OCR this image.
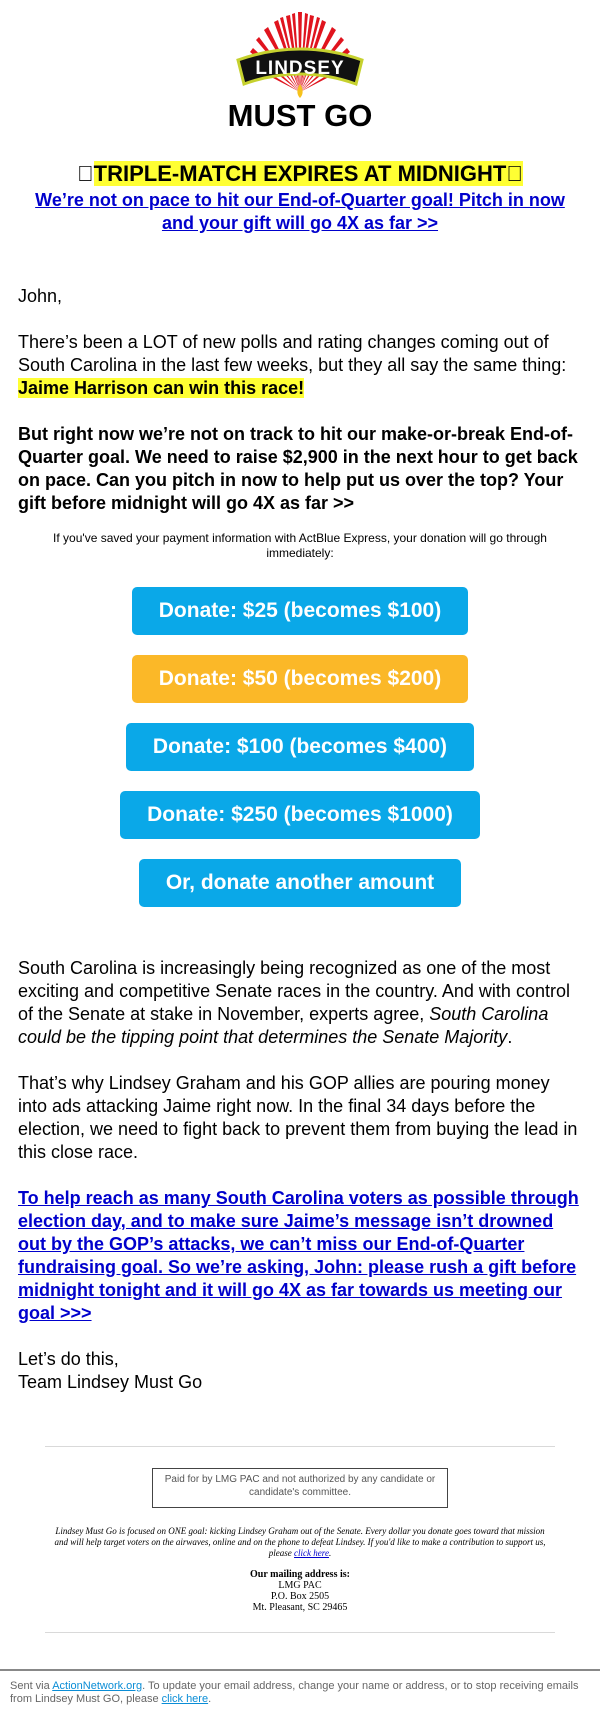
LINDSEY
MUST GO
⃞TRIPLE-MATCH EXPIRES AT MIDNIGHT
We’re not on pace to hit our End-of-Quarter goal! Pitch in now and your gift will go 4X as far >>
John,
There’s been a LOT of new polls and rating changes coming out of South Carolina in the last few weeks, but they all say the same thing: Jaime Harrison can win this race!
But right now we’re not on track to hit our make-or-break End-of-Quarter goal. We need to raise $2,900 in the next hour to get back on pace. Can you pitch in now to help put us over the top? Your gift before midnight will go 4X as far >>
If you've saved your payment information with ActBlue Express, your donation will go through immediately:
Donate: $25 (becomes $100)
Donate: $50 (becomes $200)
Donate: $100 (becomes $400)
Donate: $250 (becomes $1000)
Or, donate another amount
South Carolina is increasingly being recognized as one of the most exciting and competitive Senate races in the country. And with control of the Senate at stake in November, experts agree, South Carolina could be the tipping point that determines the Senate Majority.
That’s why Lindsey Graham and his GOP allies are pouring money into ads attacking Jaime right now. In the final 34 days before the election, we need to fight back to prevent them from buying the lead in this close race.
To help reach as many South Carolina voters as possible through election day, and to make sure Jaime’s message isn’t drowned out by the GOP’s attacks, we can’t miss our End-of-Quarter fundraising goal. So we’re asking, John: please rush a gift before midnight tonight and it will go 4X as far towards us meeting our goal >>>
Let’s do this,
Team Lindsey Must Go
Paid for by LMG PAC and not authorized by any candidate or candidate's committee.
Lindsey Must Go is focused on ONE goal: kicking Lindsey Graham out of the Senate. Every dollar you donate goes toward that mission and will help target voters on the airwaves, online and on the phone to defeat Lindsey. If you'd like to make a contribution to support us, please click here.
Our mailing address is:
LMG PAC
P.O. Box 2505
Mt. Pleasant, SC 29465
Sent via ActionNetwork.org. To update your email address, change your name or address, or to stop receiving emails from Lindsey Must GO, please click here.
